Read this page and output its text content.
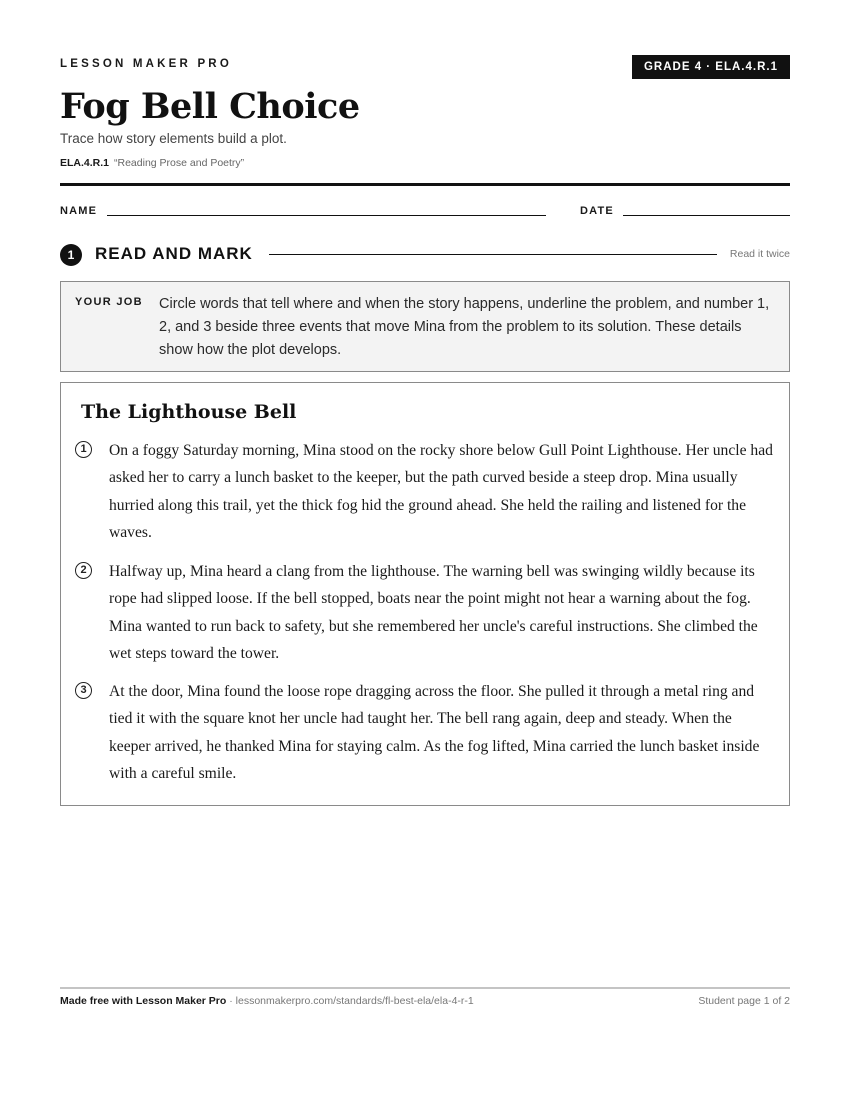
LESSON MAKER PRO	GRADE 4 · ELA.4.R.1
Fog Bell Choice
Trace how story elements build a plot.
ELA.4.R.1 “Reading Prose and Poetry”
NAME	DATE
1	READ AND MARK	Read it twice
YOUR JOB Circle words that tell where and when the story happens, underline the problem, and number 1, 2, and 3 beside three events that move Mina from the problem to its solution. These details show how the plot develops.
The Lighthouse Bell
1	On a foggy Saturday morning, Mina stood on the rocky shore below Gull Point Lighthouse. Her uncle had asked her to carry a lunch basket to the keeper, but the path curved beside a steep drop. Mina usually hurried along this trail, yet the thick fog hid the ground ahead. She held the railing and listened for the waves.
2	Halfway up, Mina heard a clang from the lighthouse. The warning bell was swinging wildly because its rope had slipped loose. If the bell stopped, boats near the point might not hear a warning about the fog. Mina wanted to run back to safety, but she remembered her uncle's careful instructions. She climbed the wet steps toward the tower.
3	At the door, Mina found the loose rope dragging across the floor. She pulled it through a metal ring and tied it with the square knot her uncle had taught her. The bell rang again, deep and steady. When the keeper arrived, he thanked Mina for staying calm. As the fog lifted, Mina carried the lunch basket inside with a careful smile.
Made free with Lesson Maker Pro · lessonmakerpro.com/standards/fl-best-ela/ela-4-r-1	Student page 1 of 2
